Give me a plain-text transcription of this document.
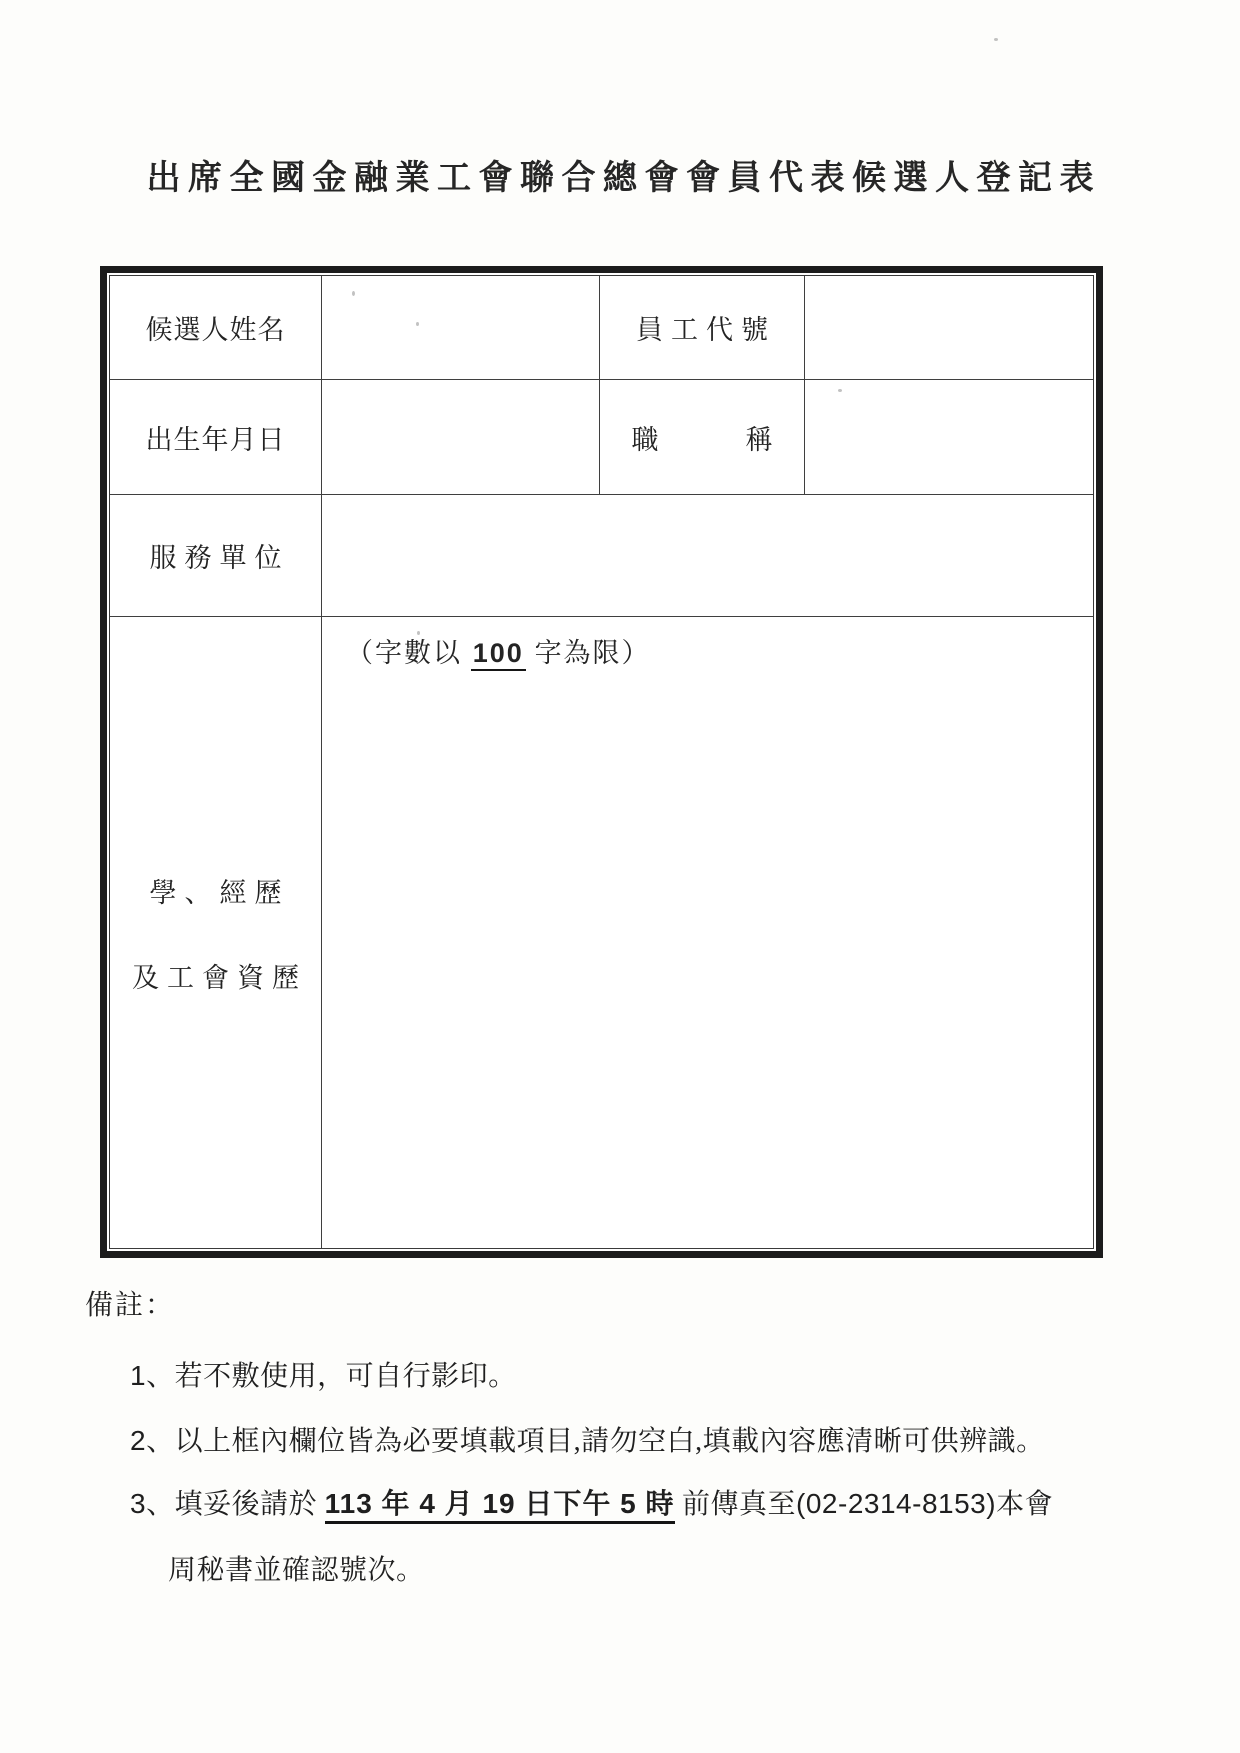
出席全國金融業工會聯合總會會員代表候選人登記表
候選人姓名	員工代號
出生年月日	職　稱
服務單位
學、經歷
及工會資歷
（字數以 100 字為限）
備註：
1、若不敷使用，可自行影印。
2、以上框內欄位皆為必要填載項目,請勿空白,填載內容應清晰可供辨識。
3、填妥後請於 113 年 4 月 19 日下午 5 時 前傳真至(02-2314-8153)本會
周秘書並確認號次。
